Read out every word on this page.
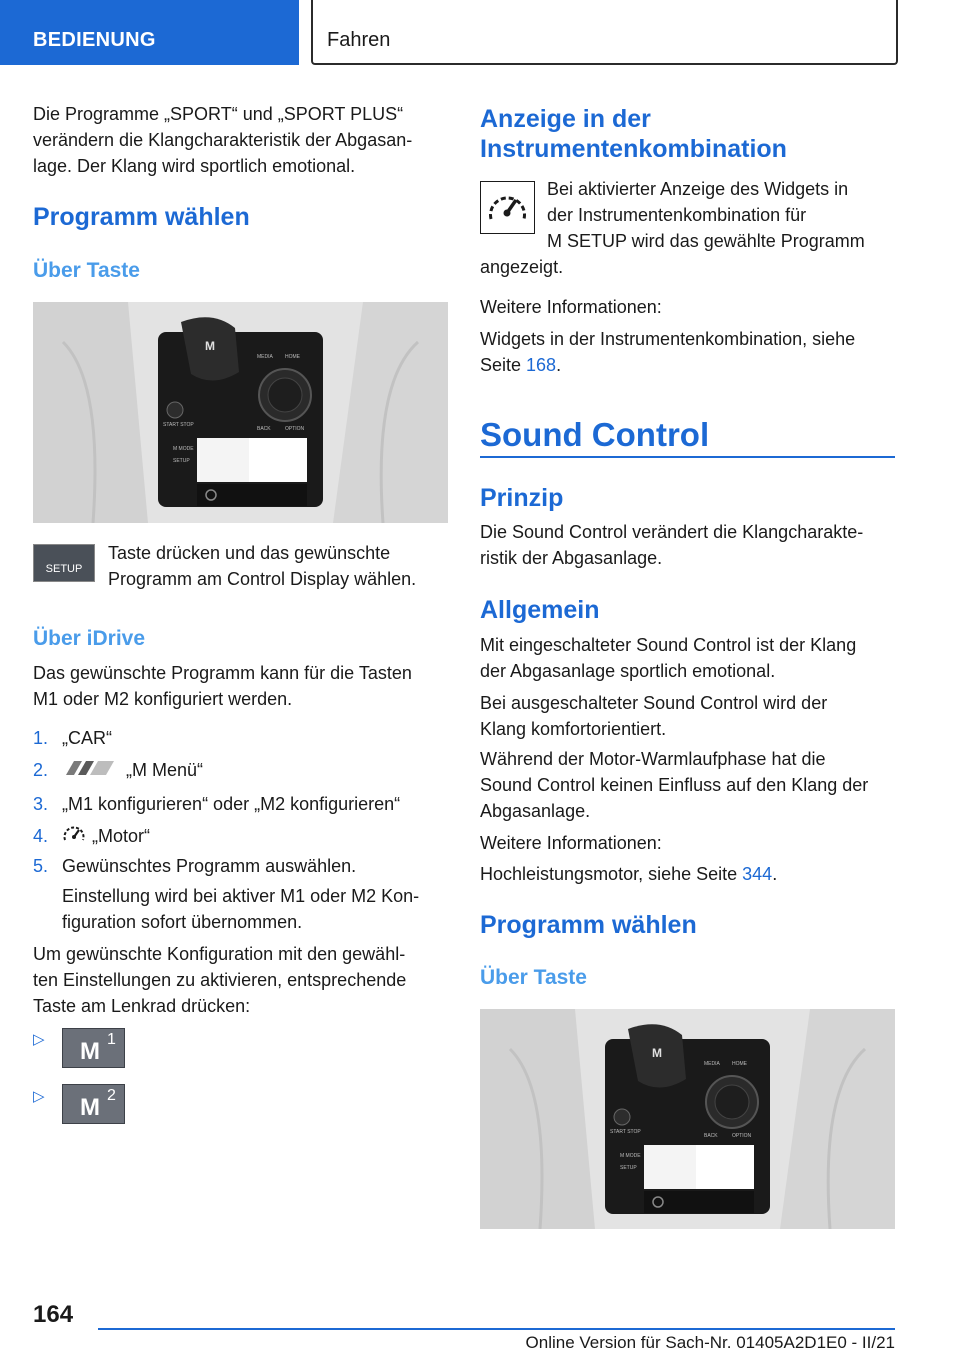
BEDIENUNG	Fahren
Die Programme „SPORT“ und „SPORT PLUS“
verändern die Klangcharakteristik der Abgasan-
lage. Der Klang wird sportlich emotional.
Programm wählen
Über Taste
M
START STOP
SETUP
M MODE
MEDIA HOME
BACK	OPTION
SETUP
Taste drücken und das gewünschte
Programm am Control Display wählen.
Über iDrive
Das gewünschte Programm kann für die Tasten
M1 oder M2 konfiguriert werden.
1. „CAR“
2.	„M Menü“
3. „M1 konfigurieren“ oder „M2 konfigurieren“
4. „Motor“
5. Gewünschtes Programm auswählen.
Einstellung wird bei aktiver M1 oder M2 Kon-
figuration sofort übernommen.
Um gewünschte Konfiguration mit den gewähl-
ten Einstellungen zu aktivieren, entsprechende
Taste am Lenkrad drücken:
▷ M 1
▷ M 2
Anzeige in der
Instrumentenkombination
Bei aktivierter Anzeige des Widgets in
der Instrumentenkombination für
M SETUP wird das gewählte Programm
angezeigt.
Weitere Informationen:
Widgets in der Instrumentenkombination, siehe
Seite 168.
Sound Control
Prinzip
Die Sound Control verändert die Klangcharakte-
ristik der Abgasanlage.
Allgemein
Mit eingeschalteter Sound Control ist der Klang
der Abgasanlage sportlich emotional.
Bei ausgeschalteter Sound Control wird der
Klang komfortorientiert.
Während der Motor-Warmlaufphase hat die
Sound Control keinen Einfluss auf den Klang der
Abgasanlage.
Weitere Informationen:
Hochleistungsmotor, siehe Seite 344.
Programm wählen
Über Taste
M
START STOP
SETUP
M MODE
MEDIA HOME
BACK	OPTION
164
Online Version für Sach-Nr. 01405A2D1E0 - II/21
